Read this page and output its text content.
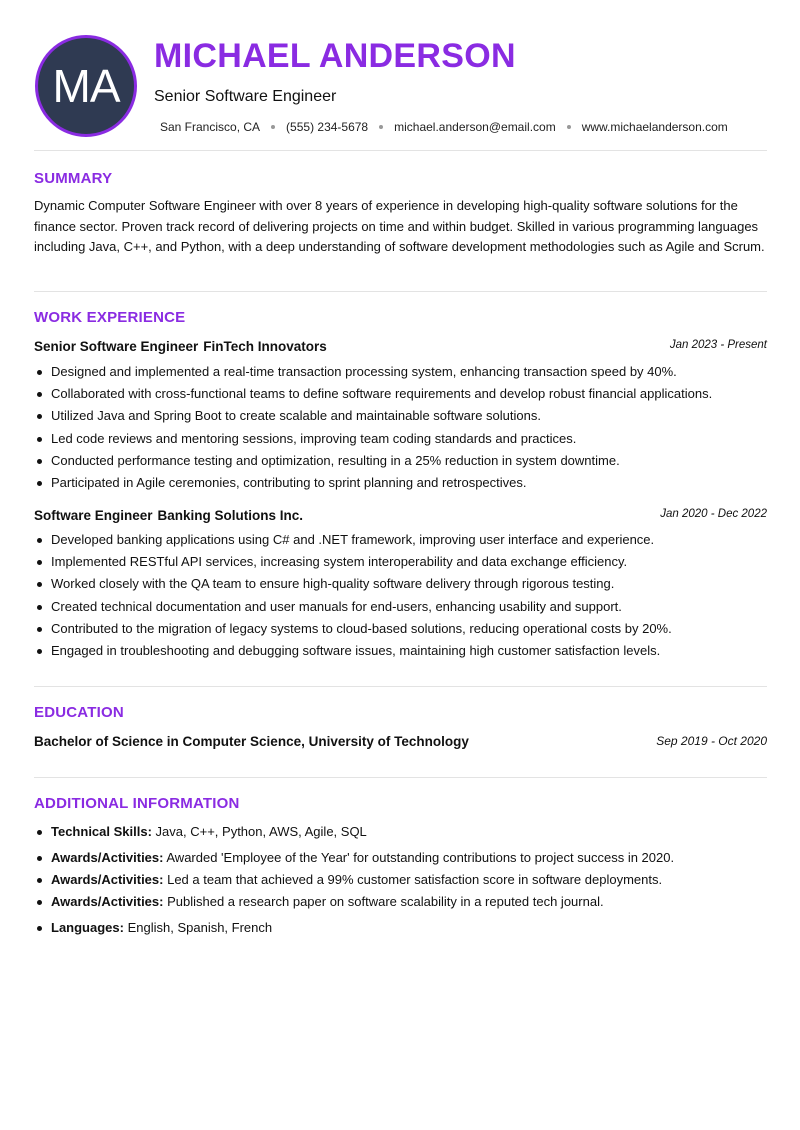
MA
MICHAEL ANDERSON
Senior Software Engineer
San Francisco, CA (555) 234-5678 michael.anderson@email.com www.michaelanderson.com
SUMMARY

Dynamic Computer Software Engineer with over 8 years of experience in developing high-quality software solutions for the finance sector. Proven track record of delivering projects on time and within budget. Skilled in various programming languages including Java, C++, and Python, with a deep understanding of software development methodologies such as Agile and Scrum.

WORK EXPERIENCE
Senior Software Engineer FinTech Innovators	Jan 2023 - Present
Designed and implemented a real-time transaction processing system, enhancing transaction speed by 40%.
Collaborated with cross-functional teams to define software requirements and develop robust financial applications.
Utilized Java and Spring Boot to create scalable and maintainable software solutions.
Led code reviews and mentoring sessions, improving team coding standards and practices.
Conducted performance testing and optimization, resulting in a 25% reduction in system downtime.
Participated in Agile ceremonies, contributing to sprint planning and retrospectives.
Software Engineer Banking Solutions Inc.	Jan 2020 - Dec 2022
Developed banking applications using C# and .NET framework, improving user interface and experience.
Implemented RESTful API services, increasing system interoperability and data exchange efficiency.
Worked closely with the QA team to ensure high-quality software delivery through rigorous testing.
Created technical documentation and user manuals for end-users, enhancing usability and support.
Contributed to the migration of legacy systems to cloud-based solutions, reducing operational costs by 20%.
Engaged in troubleshooting and debugging software issues, maintaining high customer satisfaction levels.
EDUCATION
Bachelor of Science in Computer Science, University of Technology	Sep 2019 - Oct 2020
ADDITIONAL INFORMATION
Technical Skills: Java, C++, Python, AWS, Agile, SQL
Awards/Activities: Awarded 'Employee of the Year' for outstanding contributions to project success in 2020.
Awards/Activities: Led a team that achieved a 99% customer satisfaction score in software deployments.
Awards/Activities: Published a research paper on software scalability in a reputed tech journal.
Languages: English, Spanish, French
